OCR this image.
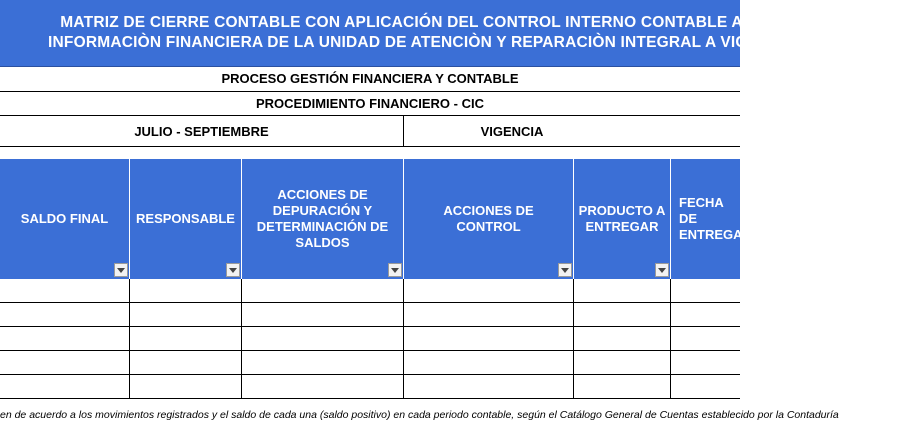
MATRIZ DE CIERRE CONTABLE CON APLICACIÓN DEL CONTROL INTERNO CONTABLE A LA
INFORMACIÒN FINANCIERA DE LA UNIDAD DE ATENCIÒN Y REPARACIÒN INTEGRAL A VICTIMAS
PROCESO GESTIÓN FINANCIERA Y CONTABLE
PROCEDIMIENTO FINANCIERO - CIC
JULIO - SEPTIEMBRE	VIGENCIA
SALDO FINAL RESPONSABLE
ACCIONES DE DEPURACIÓN Y DETERMINACIÓN DE SALDOS
ACCIONES DE CONTROL
PRODUCTO A ENTREGAR
FECHA DE ENTREGA
en de acuerdo a los movimientos registrados y el saldo de cada una (saldo positivo) en cada periodo contable, según el Catálogo General de Cuentas establecido por la Contaduría
